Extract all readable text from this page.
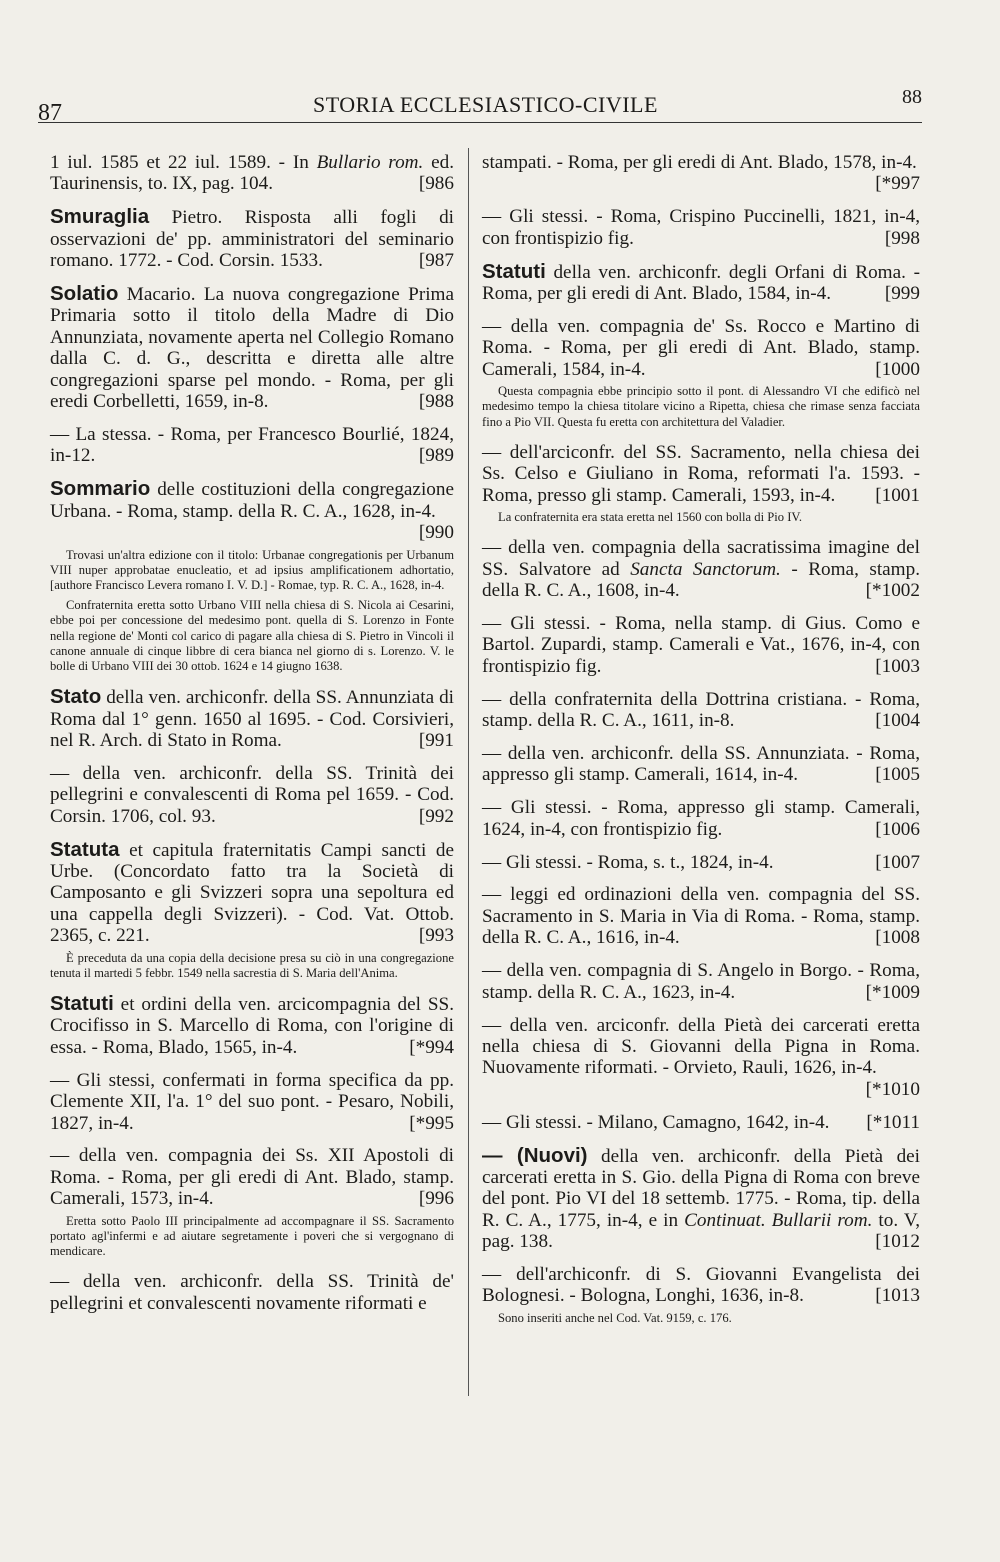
87	STORIA ECCLESIASTICO-CIVILE	88
1 iul. 1585 et 22 iul. 1589. - In Bullario rom. ed. Taurinensis, to. IX, pag. 104.	[986
Smuraglia Pietro. Risposta alli fogli di osservazioni de' pp. amministratori del seminario romano. 1772. - Cod. Corsin. 1533.	[987
Solatio Macario. La nuova congregazione Prima Primaria sotto il titolo della Madre di Dio Annunziata, novamente aperta nel Collegio Romano dalla C. d. G., descritta e diretta alle altre congregazioni sparse pel mondo. - Roma, per gli eredi Corbelletti, 1659, in-8.	[988
— La stessa. - Roma, per Francesco Bourlié, 1824, in-12.	[989
Sommario delle costituzioni della congregazione Urbana. - Roma, stamp. della R. C. A., 1628, in-4.
[990
Trovasi un'altra edizione con il titolo: Urbanae congregationis per Urbanum VIII nuper approbatae enucleatio, et ad ipsius amplificationem adhortatio, [authore Francisco Levera romano I. V. D.] - Romae, typ. R. C. A., 1628, in-4.
Confraternita eretta sotto Urbano VIII nella chiesa di S. Nicola ai Cesarini, ebbe poi per concessione del medesimo pont. quella di S. Lorenzo in Fonte nella regione de' Monti col carico di pagare alla chiesa di S. Pietro in Vincoli il canone annuale di cinque libbre di cera bianca nel giorno di s. Lorenzo. V. le bolle di Urbano VIII dei 30 ottob. 1624 e 14 giugno 1638.
Stato della ven. archiconfr. della SS. Annunziata di Roma dal 1° genn. 1650 al 1695. - Cod. Corsivieri, nel R. Arch. di Stato in Roma.	[991
— della ven. archiconfr. della SS. Trinità dei pellegrini e convalescenti di Roma pel 1659. - Cod. Corsin. 1706, col. 93.	[992
Statuta et capitula fraternitatis Campi sancti de Urbe. (Concordato fatto tra la Società di Camposanto e gli Svizzeri sopra una sepoltura ed una cappella degli Svizzeri). - Cod. Vat. Ottob. 2365, c. 221.	[993
È preceduta da una copia della decisione presa su ciò in una congregazione tenuta il martedi 5 febbr. 1549 nella sacrestia di S. Maria dell'Anima.
Statuti et ordini della ven. arcicompagnia del SS. Crocifisso in S. Marcello di Roma, con l'origine di essa. - Roma, Blado, 1565, in-4.	[*994
— Gli stessi, confermati in forma specifica da pp. Clemente XII, l'a. 1° del suo pont. - Pesaro, Nobili, 1827, in-4.	[*995
— della ven. compagnia dei Ss. XII Apostoli di Roma. - Roma, per gli eredi di Ant. Blado, stamp. Camerali, 1573, in-4.	[996
Eretta sotto Paolo III principalmente ad accompagnare il SS. Sacramento portato agl'infermi e ad aiutare segretamente i poveri che si vergognano di mendicare.
— della ven. archiconfr. della SS. Trinità de' pellegrini et convalescenti novamente riformati e
stampati. - Roma, per gli eredi di Ant. Blado, 1578, in-4.
[*997
— Gli stessi. - Roma, Crispino Puccinelli, 1821, in-4, con frontispizio fig.	[998
Statuti della ven. archiconfr. degli Orfani di Roma. - Roma, per gli eredi di Ant. Blado, 1584, in-4.	[999
— della ven. compagnia de' Ss. Rocco e Martino di Roma. - Roma, per gli eredi di Ant. Blado, stamp. Camerali, 1584, in-4.	[1000
Questa compagnia ebbe principio sotto il pont. di Alessandro VI che edificò nel medesimo tempo la chiesa titolare vicino a Ripetta, chiesa che rimase senza facciata fino a Pio VII. Questa fu eretta con architettura del Valadier.
— dell'arciconfr. del SS. Sacramento, nella chiesa dei Ss. Celso e Giuliano in Roma, reformati l'a. 1593. - Roma, presso gli stamp. Camerali, 1593, in-4. [1001
La confraternita era stata eretta nel 1560 con bolla di Pio IV.
— della ven. compagnia della sacratissima imagine del SS. Salvatore ad Sancta Sanctorum. - Roma, stamp. della R. C. A., 1608, in-4.	[*1002
— Gli stessi. - Roma, nella stamp. di Gius. Como e Bartol. Zupardi, stamp. Camerali e Vat., 1676, in-4, con frontispizio fig.	[1003
— della confraternita della Dottrina cristiana. - Roma, stamp. della R. C. A., 1611, in-8.	[1004
— della ven. archiconfr. della SS. Annunziata. - Roma, appresso gli stamp. Camerali, 1614, in-4.	[1005
— Gli stessi. - Roma, appresso gli stamp. Camerali, 1624, in-4, con frontispizio fig.	[1006
— Gli stessi. - Roma, s. t., 1824, in-4.	[1007
— leggi ed ordinazioni della ven. compagnia del SS. Sacramento in S. Maria in Via di Roma. - Roma, stamp. della R. C. A., 1616, in-4.	[1008
— della ven. compagnia di S. Angelo in Borgo. - Roma, stamp. della R. C. A., 1623, in-4.	[*1009
— della ven. arciconfr. della Pietà dei carcerati eretta nella chiesa di S. Giovanni della Pigna in Roma. Nuovamente riformati. - Orvieto, Rauli, 1626, in-4.
[*1010
— Gli stessi. - Milano, Camagno, 1642, in-4. [*1011
— (Nuovi) della ven. archiconfr. della Pietà dei carcerati eretta in S. Gio. della Pigna di Roma con breve del pont. Pio VI del 18 settemb. 1775. - Roma, tip. della R. C. A., 1775, in-4, e in Continuat. Bullarii rom. to. V, pag. 138.	[1012
— dell'archiconfr. di S. Giovanni Evangelista dei Bolognesi. - Bologna, Longhi, 1636, in-8.	[1013
Sono inseriti anche nel Cod. Vat. 9159, c. 176.
